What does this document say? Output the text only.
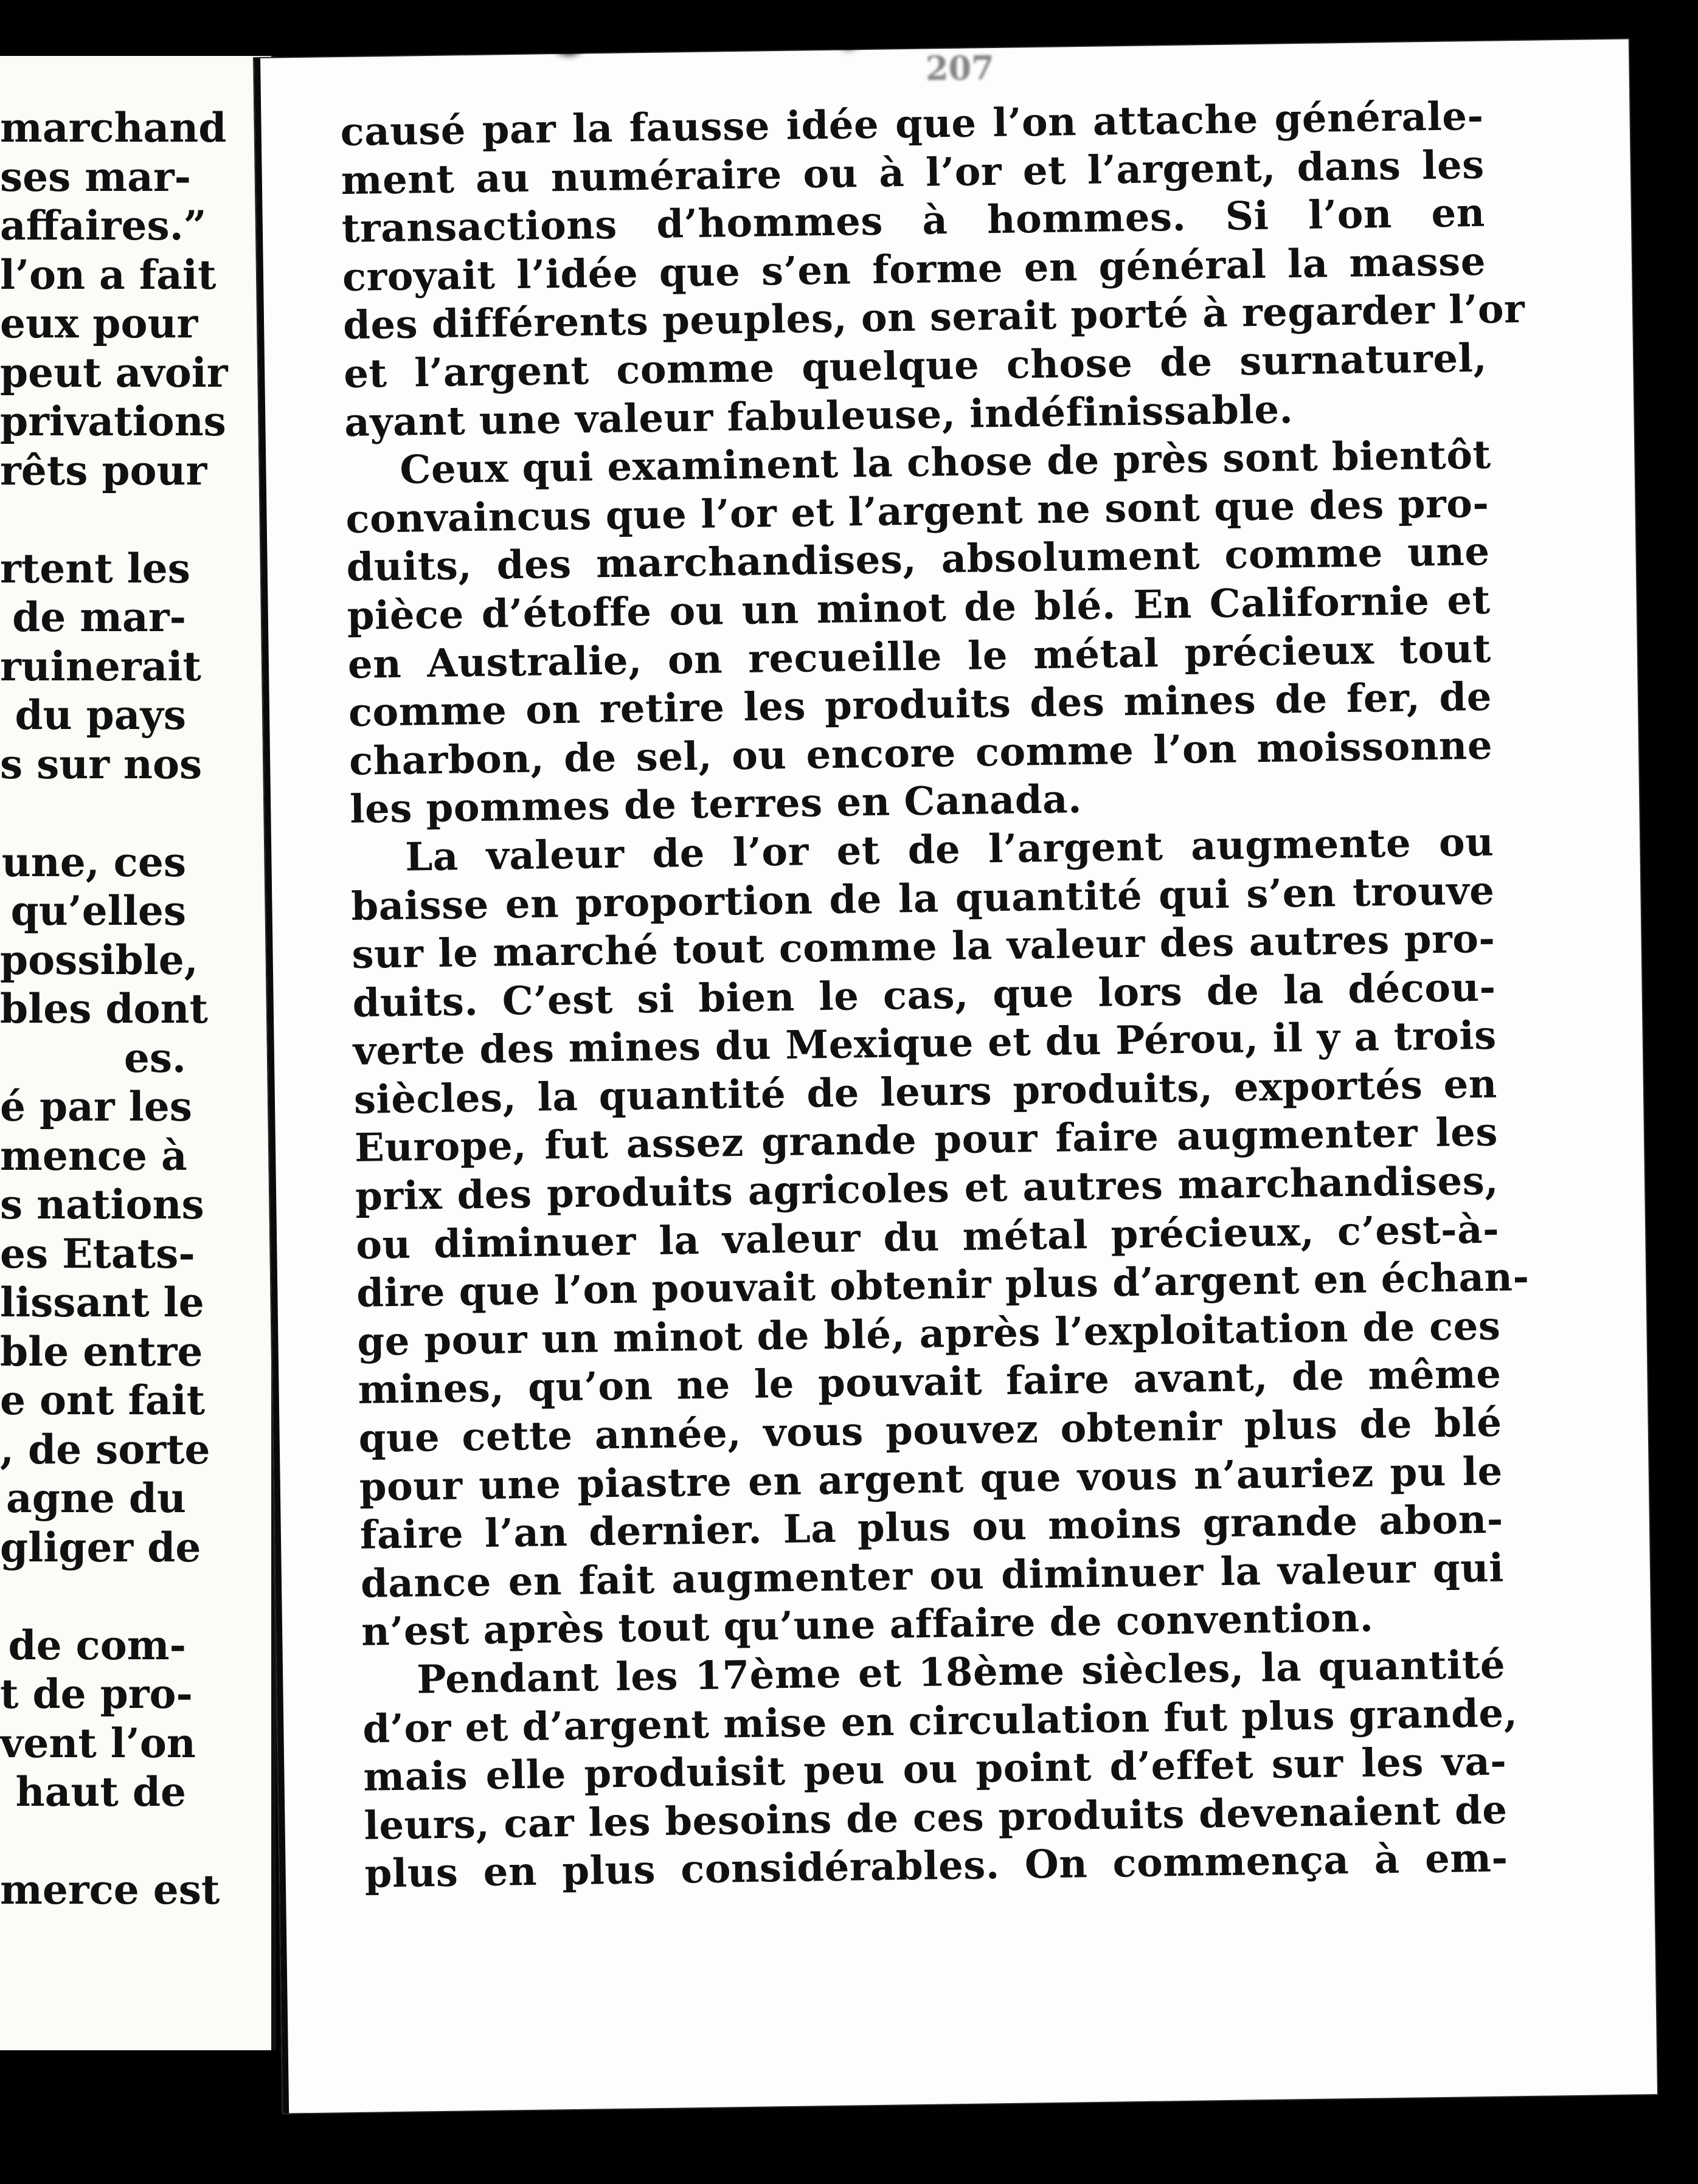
marchand
ses mar-
affaires.”
l’on a fait
eux pour
peut avoir
privations
rêts pour
rtent les
de mar-
ruinerait
du pays
s sur nos
une, ces
qu’elles
possible,
bles dont
es.
é par les
mence à
s nations
es Etats-
lissant le
ble entre
e ont fait
, de sorte
agne du
gliger de
de com-
t de pro-
vent l’on
haut de
merce est
207
causé par la fausse idée que l’on attache générale-
ment au numéraire ou à l’or et l’argent, dans les
transactions d’hommes à hommes. Si l’on en
croyait l’idée que s’en forme en général la masse
des différents peuples, on serait porté à regarder l’or
et l’argent comme quelque chose de surnaturel,
ayant une valeur fabuleuse, indéfinissable.
Ceux qui examinent la chose de près sont bientôt
convaincus que l’or et l’argent ne sont que des pro-
duits, des marchandises, absolument comme une
pièce d’étoffe ou un minot de blé. En Californie et
en Australie, on recueille le métal précieux tout
comme on retire les produits des mines de fer, de
charbon, de sel, ou encore comme l’on moissonne
les pommes de terres en Canada.
La valeur de l’or et de l’argent augmente ou
baisse en proportion de la quantité qui s’en trouve
sur le marché tout comme la valeur des autres pro-
duits. C’est si bien le cas, que lors de la décou-
verte des mines du Mexique et du Pérou, il y a trois
siècles, la quantité de leurs produits, exportés en
Europe, fut assez grande pour faire augmenter les
prix des produits agricoles et autres marchandises,
ou diminuer la valeur du métal précieux, c’est-à-
dire que l’on pouvait obtenir plus d’argent en échan-
ge pour un minot de blé, après l’exploitation de ces
mines, qu’on ne le pouvait faire avant, de même
que cette année, vous pouvez obtenir plus de blé
pour une piastre en argent que vous n’auriez pu le
faire l’an dernier. La plus ou moins grande abon-
dance en fait augmenter ou diminuer la valeur qui
n’est après tout qu’une affaire de convention.
Pendant les 17ème et 18ème siècles, la quantité
d’or et d’argent mise en circulation fut plus grande,
mais elle produisit peu ou point d’effet sur les va-
leurs, car les besoins de ces produits devenaient de
plus en plus considérables. On commença à em-
